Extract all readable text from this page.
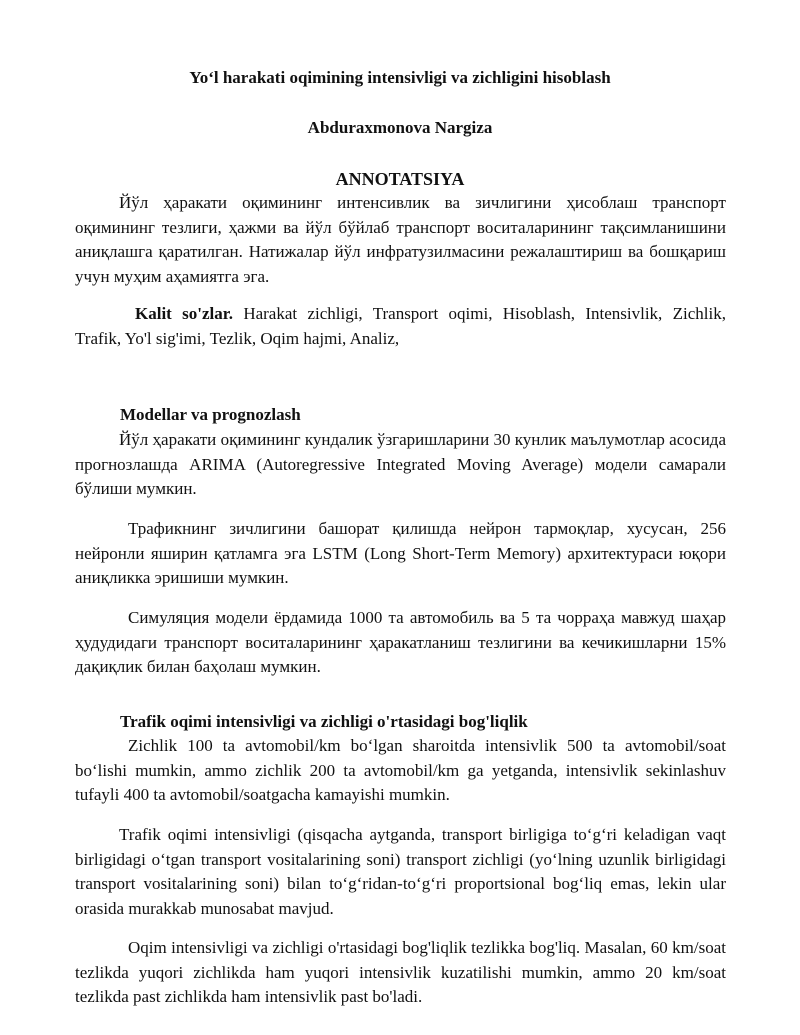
Yo‘l harakati oqimining intensivligi va zichligini hisoblash
Abduraxmonova Nargiza
ANNOTATSIYA
Йўл ҳаракати оқимининг интенсивлик ва зичлигини ҳисоблаш транспорт оқимининг тезлиги, ҳажми ва йўл бўйлаб транспорт воситаларининг тақсимланишини аниқлашга қаратилган. Натижалар йўл инфратузилмасини режалаштириш ва бошқариш учун муҳим аҳамиятга эга.
Kalit so'zlar. Harakat zichligi, Transport oqimi, Hisoblash, Intensivlik, Zichlik, Trafik, Yo'l sig'imi, Tezlik, Oqim hajmi, Analiz,
Modellar va prognozlash
Йўл ҳаракати оқимининг кундалик ўзгаришларини 30 кунлик маълумотлар асосида прогнозлашда ARIMA (Autoregressive Integrated Moving Average) модели самарали бўлиши мумкин.
Трафикнинг зичлигини башорат қилишда нейрон тармоқлар, хусусан, 256 нейронли яширин қатламга эга LSTM (Long Short-Term Memory) архитектураси юқори аниқликка эришиши мумкин.
Симуляция модели ёрдамида 1000 та автомобиль ва 5 та чорраҳа мавжуд шаҳар ҳудудидаги транспорт воситаларининг ҳаракатланиш тезлигини ва кечикишларни 15% дақиқлик билан баҳолаш мумкин.
Trafik oqimi intensivligi va zichligi o'rtasidagi bog'liqlik
Zichlik 100 ta avtomobil/km bo‘lgan sharoitda intensivlik 500 ta avtomobil/soat bo‘lishi mumkin, ammo zichlik 200 ta avtomobil/km ga yetganda, intensivlik sekinlashuv tufayli 400 ta avtomobil/soatgacha kamayishi mumkin.
Trafik oqimi intensivligi (qisqacha aytganda, transport birligiga to‘g‘ri keladigan vaqt birligidagi o‘tgan transport vositalarining soni) transport zichligi (yo‘lning uzunlik birligidagi transport vositalarining soni) bilan to‘g‘ridan-to‘g‘ri proportsional bog‘liq emas, lekin ular orasida murakkab munosabat mavjud.
Oqim intensivligi va zichligi o'rtasidagi bog'liqlik tezlikka bog'liq. Masalan, 60 km/soat tezlikda yuqori zichlikda ham yuqori intensivlik kuzatilishi mumkin, ammo 20 km/soat tezlikda past zichlikda ham intensivlik past bo'ladi.
